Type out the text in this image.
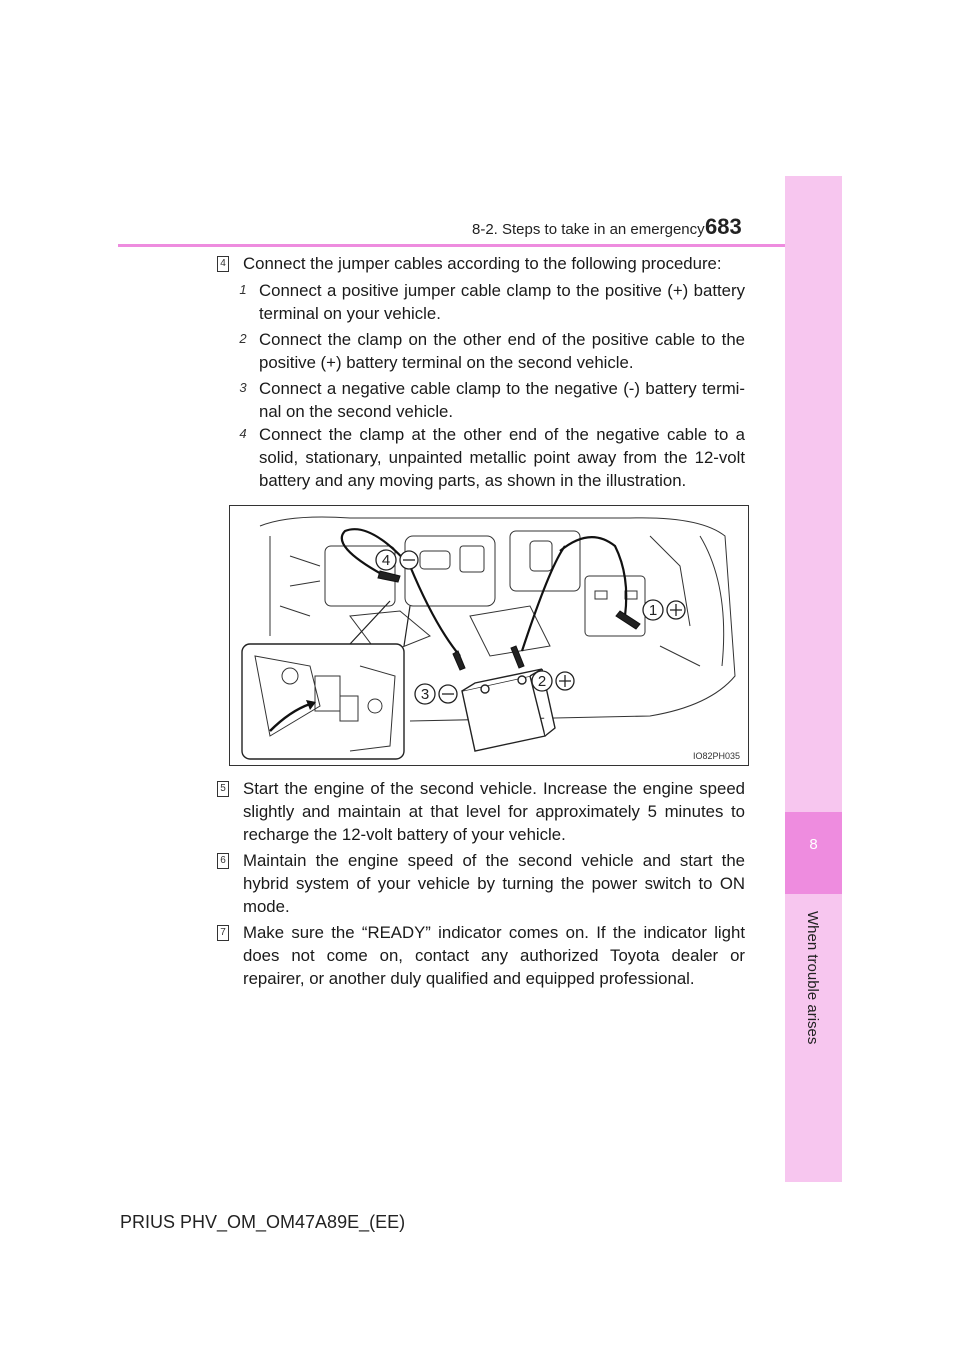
8
When trouble arises
8-2. Steps to take in an emergency 683
4 Connect the jumper cables according to the following procedure:
1 Connect a positive jumper cable clamp to the positive (+) battery terminal on your vehicle.
2 Connect the clamp on the other end of the positive cable to the positive (+) battery terminal on the second vehicle.
3 Connect a negative cable clamp to the negative (-) battery termi-nal on the second vehicle.
4 Connect the clamp at the other end of the negative cable to a solid, stationary, unpainted metallic point away from the 12-volt battery and any moving parts, as shown in the illustration.
4
1
2
3
IO82PH035
5 Start the engine of the second vehicle. Increase the engine speed slightly and maintain at that level for approximately 5 minutes to recharge the 12-volt battery of your vehicle.
6 Maintain the engine speed of the second vehicle and start the hybrid system of your vehicle by turning the power switch to ON mode.
7 Make sure the “READY” indicator comes on. If the indicator light does not come on, contact any authorized Toyota dealer or repairer, or another duly qualified and equipped professional.
PRIUS PHV_OM_OM47A89E_(EE)
